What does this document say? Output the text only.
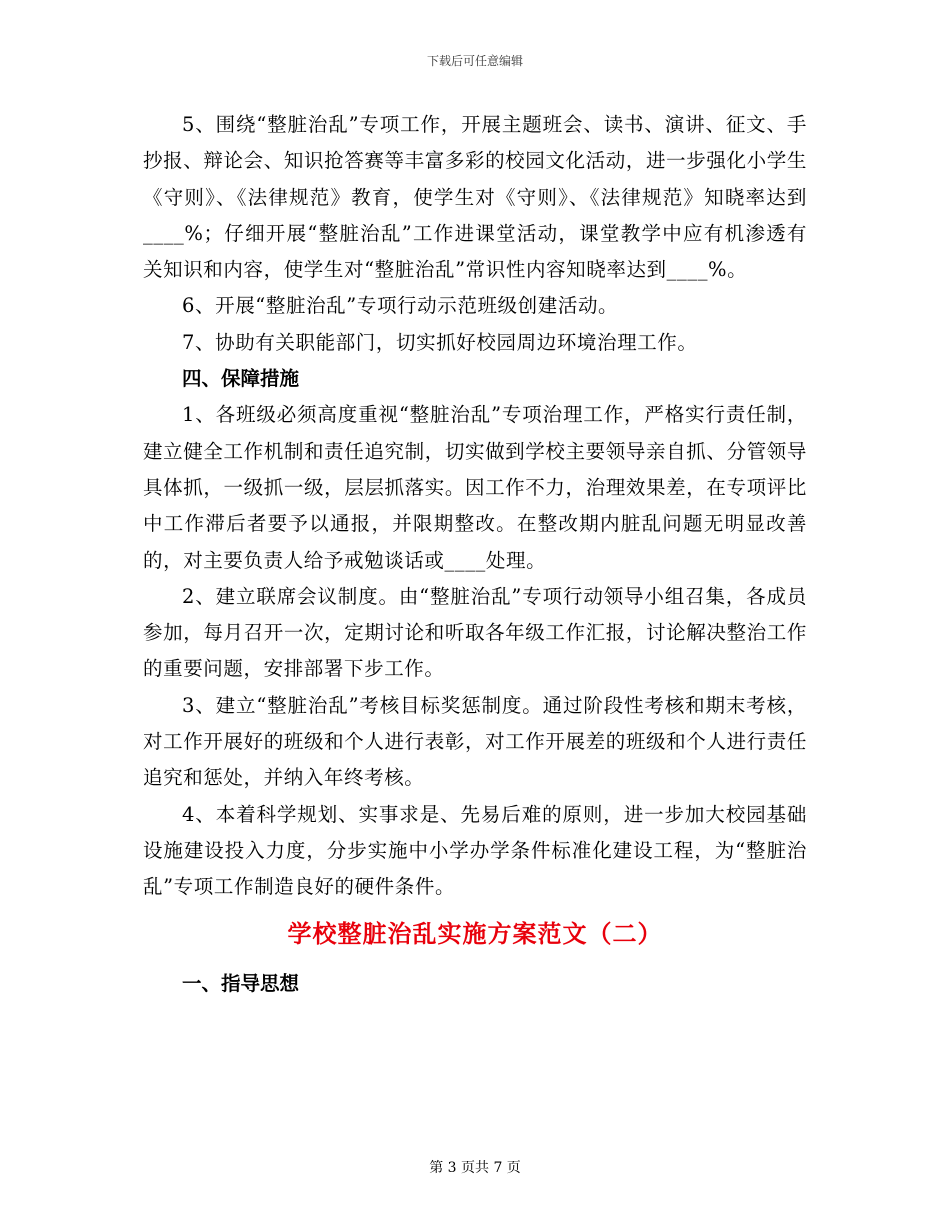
下载后可任意编辑

5、围绕“整脏治乱”专项工作，开展主题班会、读书、演讲、征文、手抄报、辩论会、知识抢答赛等丰富多彩的校园文化活动，进一步强化小学生《守则》、《法律规范》教育，使学生对《守则》、《法律规范》知晓率达到____%；仔细开展“整脏治乱”工作进课堂活动，课堂教学中应有机渗透有关知识和内容，使学生对“整脏治乱”常识性内容知晓率达到____%。

6、开展“整脏治乱”专项行动示范班级创建活动。

7、协助有关职能部门，切实抓好校园周边环境治理工作。

四、保障措施

1、各班级必须高度重视“整脏治乱”专项治理工作，严格实行责任制，建立健全工作机制和责任追究制，切实做到学校主要领导亲自抓、分管领导具体抓，一级抓一级，层层抓落实。因工作不力，治理效果差，在专项评比中工作滞后者要予以通报，并限期整改。在整改期内脏乱问题无明显改善的，对主要负责人给予戒勉谈话或____处理。

2、建立联席会议制度。由“整脏治乱”专项行动领导小组召集，各成员参加，每月召开一次，定期讨论和听取各年级工作汇报，讨论解决整治工作的重要问题，安排部署下步工作。

3、建立“整脏治乱”考核目标奖惩制度。通过阶段性考核和期末考核，对工作开展好的班级和个人进行表彰，对工作开展差的班级和个人进行责任追究和惩处，并纳入年终考核。

4、本着科学规划、实事求是、先易后难的原则，进一步加大校园基础设施建设投入力度，分步实施中小学办学条件标准化建设工程，为“整脏治乱”专项工作制造良好的硬件条件。

学校整脏治乱实施方案范文（二）

一、指导思想

第 3 页共 7 页
